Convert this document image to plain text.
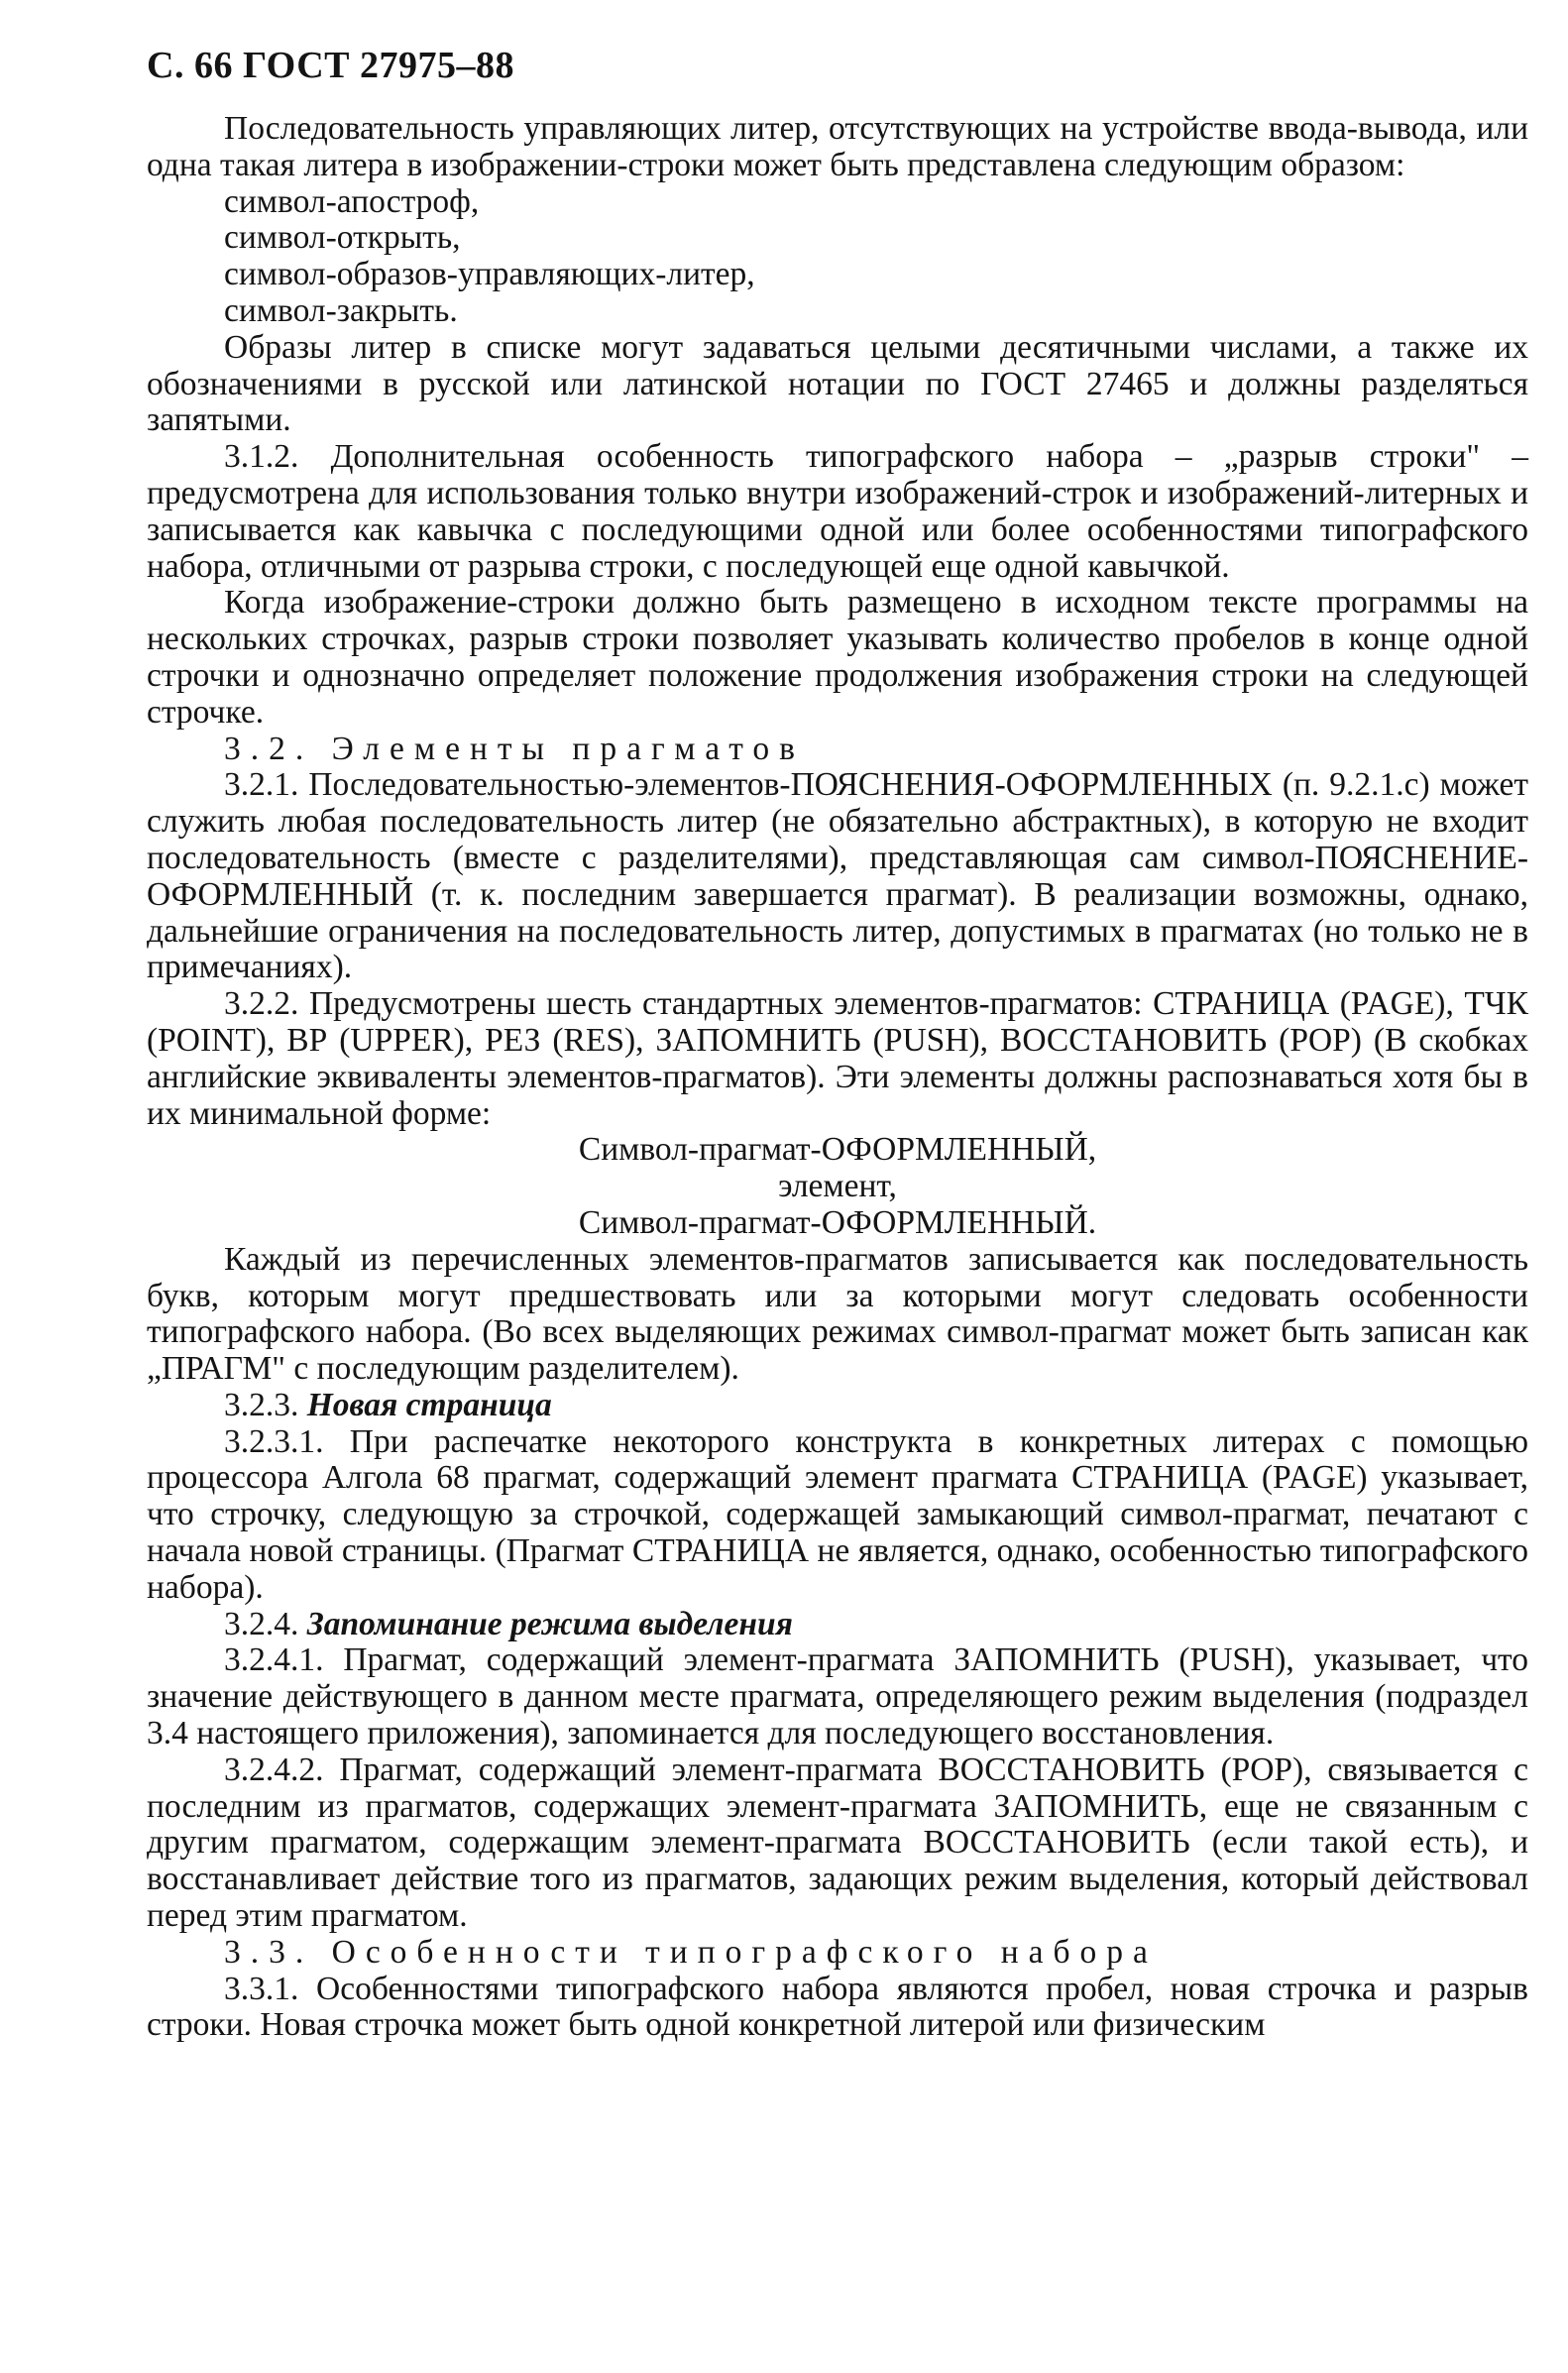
С. 66 ГОСТ 27975–88

Последовательность управляющих литер, отсутствующих на устройстве ввода-вывода, или одна такая литера в изображении-строки может быть представлена следующим образом:

символ-апостроф,

символ-открыть,

символ-образов-управляющих-литер,

символ-закрыть.

Образы литер в списке могут задаваться целыми десятичными числами, а также их обозначениями в русской или латинской нотации по ГОСТ 27465 и должны разделяться запятыми.

3.1.2. Дополнительная особенность типографского набора – „разрыв строки" – предусмотрена для использования только внутри изображений-строк и изображений-литерных и записывается как кавычка с последующими одной или более особенностями типографского набора, отличными от разрыва строки, с последующей еще одной кавычкой.

Когда изображение-строки должно быть размещено в исходном тексте программы на нескольких строчках, разрыв строки позволяет указывать количество пробелов в конце одной строчки и однозначно определяет положение продолжения изображения строки на следующей строчке.

3.2. Элементы прагматов

3.2.1. Последовательностью-элементов-ПОЯСНЕНИЯ-ОФОРМЛЕННЫХ (п. 9.2.1.с) может служить любая последовательность литер (не обязательно абстрактных), в которую не входит последовательность (вместе с разделителями), представляющая сам символ-ПОЯСНЕНИЕ-ОФОРМЛЕННЫЙ (т. к. последним завершается прагмат). В реализации возможны, однако, дальнейшие ограничения на последовательность литер, допустимых в прагматах (но только не в примечаниях).

3.2.2. Предусмотрены шесть стандартных элементов-прагматов: СТРАНИЦА (PAGE), ТЧК (POINT), ВР (UPPER), РЕЗ (RES), ЗАПОМНИТЬ (PUSH), ВОССТАНОВИТЬ (POP) (В скобках английские эквиваленты элементов-прагматов). Эти элементы должны распознаваться хотя бы в их минимальной форме:

Символ-прагмат-ОФОРМЛЕННЫЙ,

элемент,

Символ-прагмат-ОФОРМЛЕННЫЙ.

Каждый из перечисленных элементов-прагматов записывается как последовательность букв, которым могут предшествовать или за которыми могут следовать особенности типографского набора. (Во всех выделяющих режимах символ-прагмат может быть записан как „ПРАГМ" с последующим разделителем).

3.2.3. Новая страница

3.2.3.1. При распечатке некоторого конструкта в конкретных литерах с помощью процессора Алгола 68 прагмат, содержащий элемент прагмата СТРАНИЦА (PAGE) указывает, что строчку, следующую за строчкой, содержащей замыкающий символ-прагмат, печатают с начала новой страницы. (Прагмат СТРАНИЦА не является, однако, особенностью типографского набора).

3.2.4. Запоминание режима выделения

3.2.4.1. Прагмат, содержащий элемент-прагмата ЗАПОМНИТЬ (PUSH), указывает, что значение действующего в данном месте прагмата, определяющего режим выделения (подраздел 3.4 настоящего приложения), запоминается для последующего восстановления.

3.2.4.2. Прагмат, содержащий элемент-прагмата ВОССТАНОВИТЬ (POP), связывается с последним из прагматов, содержащих элемент-прагмата ЗАПОМНИТЬ, еще не связанным с другим прагматом, содержащим элемент-прагмата ВОССТАНОВИТЬ (если такой есть), и восстанавливает действие того из прагматов, задающих режим выделения, который действовал перед этим прагматом.

3.3. Особенности типографского набора

3.3.1. Особенностями типографского набора являются пробел, новая строчка и разрыв строки. Новая строчка может быть одной конкретной литерой или физическим
